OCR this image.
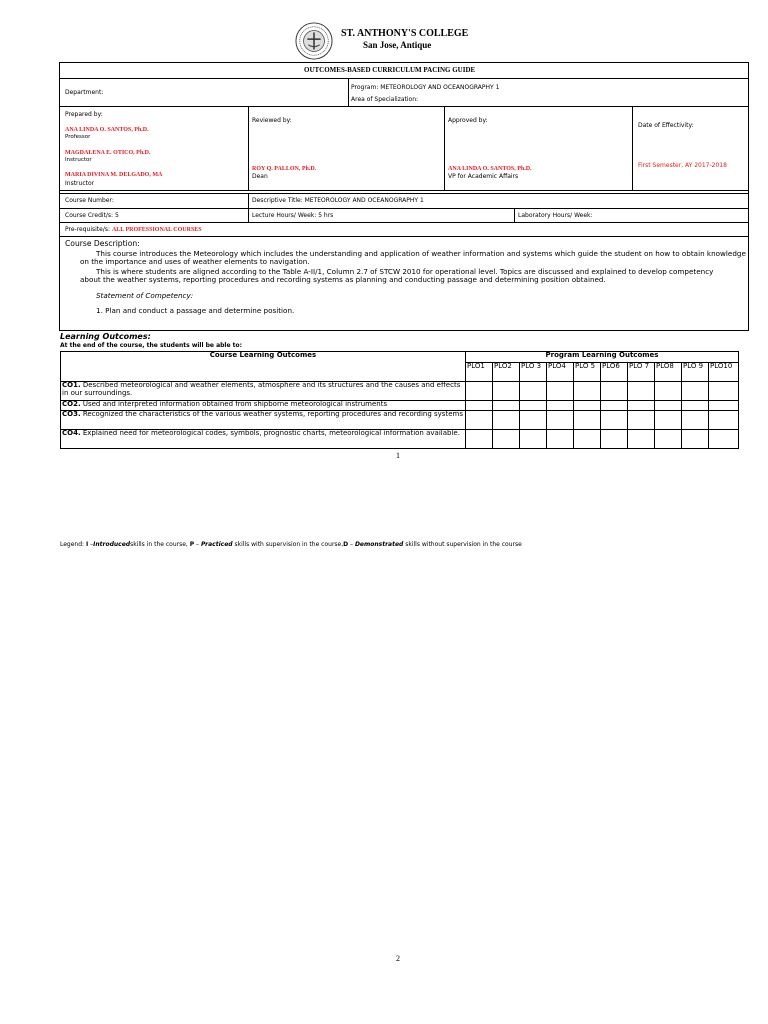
ST. ANTHONY'S COLLEGE
San Jose, Antique
OUTCOMES-BASED CURRICULUM PACING GUIDE
Department:
Program: METEOROLOGY AND OCEANOGRAPHY 1
Area of Specialization:
Prepared by:
ANA LINDA O. SANTOS, Ph.D.
Professor
MAGDALENA E. OTICO, Ph.D.
Instructor
MARIA DIVINA M. DELGADO, MA
Instructor
Reviewed by:
ROY Q. PALLON, Ph.D.
Dean
Approved by:
ANA LINDA O. SANTOS, Ph.D.
VP for Academic Affairs
Date of Effectivity:
First Semester, AY 2017-2018
Course Number:	Descriptive Title: METEOROLOGY AND OCEANOGRAPHY 1
Course Credit/s: 5	Lecture Hours/ Week: 5 hrs	Laboratory Hours/ Week:
Pre-requisite/s: ALL PROFESSIONAL COURSES
Course Description:
This course introduces the Meteorology which includes the understanding and application of weather information and systems which guide the student on how to obtain knowledge
on the importance and uses of weather elements to navigation.
This is where students are aligned according to the Table A-II/1, Column 2.7 of STCW 2010 for operational level. Topics are discussed and explained to develop competency
about the weather systems, reporting procedures and recording systems as planning and conducting passage and determining position obtained.
Statement of Competency:
1. Plan and conduct a passage and determine position.
Learning Outcomes:
At the end of the course, the students will be able to:
Course Learning Outcomes	Program Learning Outcomes									
	PLO1	PLO2	PLO 3	PLO4	PLO 5	PLO6	PLO 7	PLO8	PLO 9	PLO10
CO1. Described meteorological and weather elements, atmosphere and its structures and the causes and effects in our surroundings.										
CO2. Used and interpreted information obtained from shipborne meteorological instruments										
CO3. Recognized the characteristics of the various weather systems, reporting procedures and recording systems										
CO4. Explained need for meteorological codes, symbols, prognostic charts, meteorological information available.										
1
Legend: I –Introducedskills in the course, P – Practiced skills with supervision in the course,D – Demonstrated skills without supervision in the course
2
